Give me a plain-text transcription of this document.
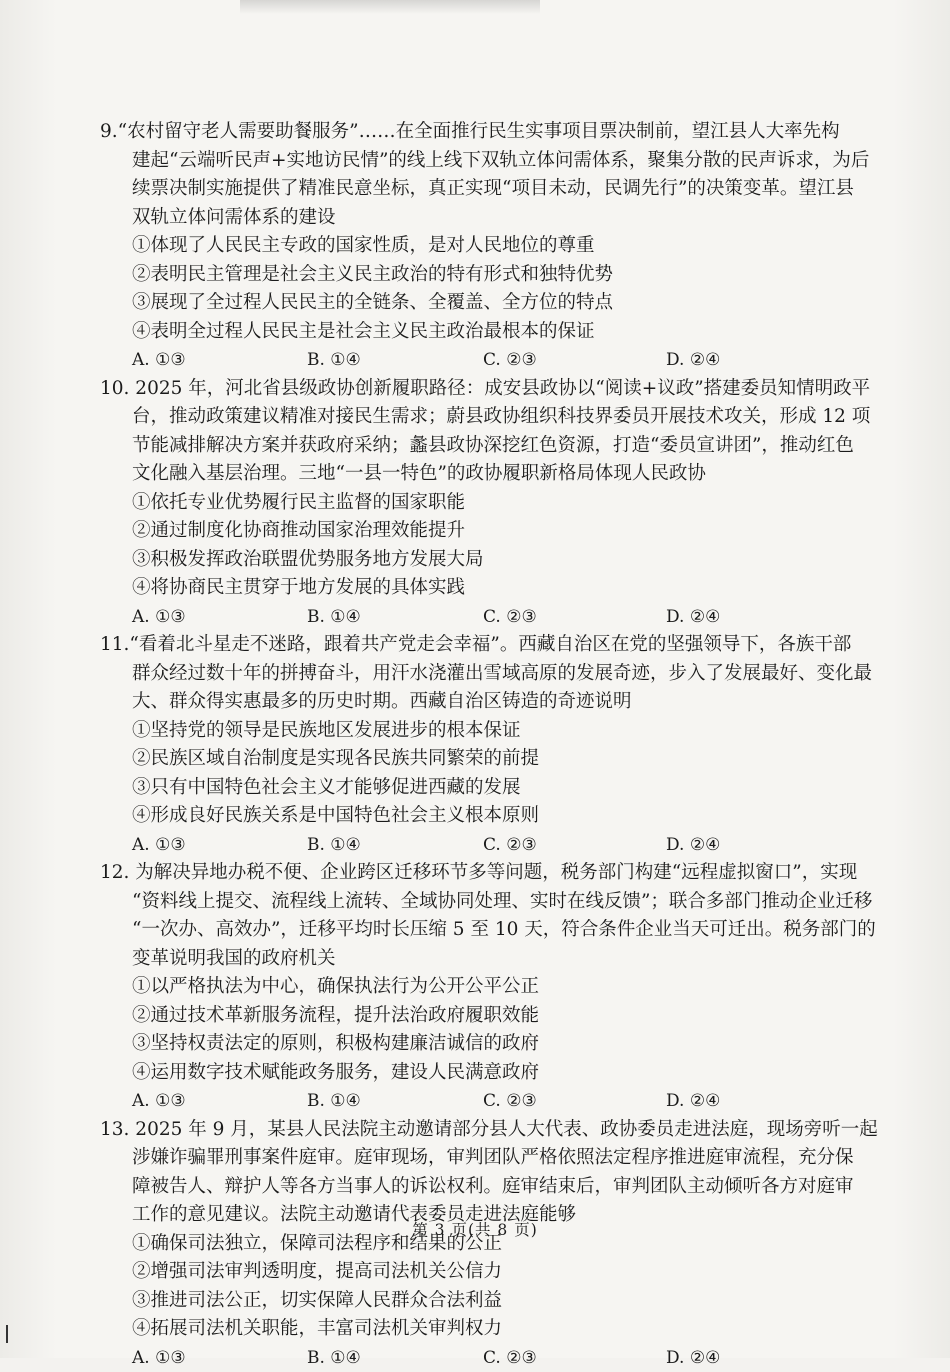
9.“农村留守老人需要助餐服务”……在全面推行民生实事项目票决制前，望江县人大率先构
建起“云端听民声+实地访民情”的线上线下双轨立体问需体系，聚集分散的民声诉求，为后
续票决制实施提供了精准民意坐标，真正实现“项目未动，民调先行”的决策变革。望江县
双轨立体问需体系的建设
①体现了人民民主专政的国家性质，是对人民地位的尊重
②表明民主管理是社会主义民主政治的特有形式和独特优势
③展现了全过程人民民主的全链条、全覆盖、全方位的特点
④表明全过程人民民主是社会主义民主政治最根本的保证
A. ①③	B. ①④	C. ②③	D. ②④
10. 2025 年，河北省县级政协创新履职路径：成安县政协以“阅读+议政”搭建委员知情明政平
台，推动政策建议精准对接民生需求；蔚县政协组织科技界委员开展技术攻关，形成 12 项
节能减排解决方案并获政府采纳；蠡县政协深挖红色资源，打造“委员宣讲团”，推动红色
文化融入基层治理。三地“一县一特色”的政协履职新格局体现人民政协
①依托专业优势履行民主监督的国家职能
②通过制度化协商推动国家治理效能提升
③积极发挥政治联盟优势服务地方发展大局
④将协商民主贯穿于地方发展的具体实践
A. ①③	B. ①④	C. ②③	D. ②④
11.“看着北斗星走不迷路，跟着共产党走会幸福”。西藏自治区在党的坚强领导下，各族干部
群众经过数十年的拼搏奋斗，用汗水浇灌出雪域高原的发展奇迹，步入了发展最好、变化最
大、群众得实惠最多的历史时期。西藏自治区铸造的奇迹说明
①坚持党的领导是民族地区发展进步的根本保证
②民族区域自治制度是实现各民族共同繁荣的前提
③只有中国特色社会主义才能够促进西藏的发展
④形成良好民族关系是中国特色社会主义根本原则
A. ①③	B. ①④	C. ②③	D. ②④
12. 为解决异地办税不便、企业跨区迁移环节多等问题，税务部门构建“远程虚拟窗口”，实现
“资料线上提交、流程线上流转、全域协同处理、实时在线反馈”；联合多部门推动企业迁移
“一次办、高效办”，迁移平均时长压缩 5 至 10 天，符合条件企业当天可迁出。税务部门的
变革说明我国的政府机关
①以严格执法为中心，确保执法行为公开公平公正
②通过技术革新服务流程，提升法治政府履职效能
③坚持权责法定的原则，积极构建廉洁诚信的政府
④运用数字技术赋能政务服务，建设人民满意政府
A. ①③	B. ①④	C. ②③	D. ②④
13. 2025 年 9 月，某县人民法院主动邀请部分县人大代表、政协委员走进法庭，现场旁听一起
涉嫌诈骗罪刑事案件庭审。庭审现场，审判团队严格依照法定程序推进庭审流程，充分保
障被告人、辩护人等各方当事人的诉讼权利。庭审结束后，审判团队主动倾听各方对庭审
工作的意见建议。法院主动邀请代表委员走进法庭能够
①确保司法独立，保障司法程序和结果的公正
②增强司法审判透明度，提高司法机关公信力
③推进司法公正，切实保障人民群众合法利益
④拓展司法机关职能，丰富司法机关审判权力
A. ①③	B. ①④	C. ②③	D. ②④
第 3 页(共 8 页)
